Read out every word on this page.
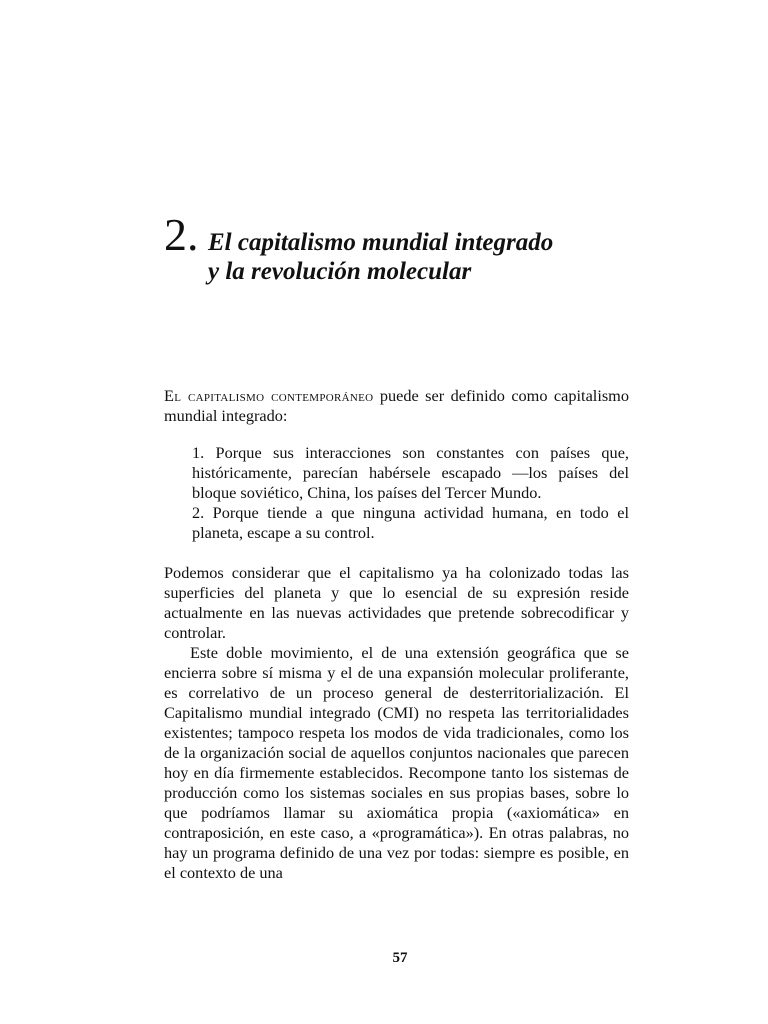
2. El capitalismo mundial integrado
y la revolución molecular

El capitalismo contemporáneo puede ser definido como capitalismo mundial integrado:

1. Porque sus interacciones son constantes con países que, históricamente, parecían habérsele escapado —los países del bloque soviético, China, los países del Tercer Mundo.

2. Porque tiende a que ninguna actividad humana, en todo el planeta, escape a su control.

Podemos considerar que el capitalismo ya ha colonizado todas las superficies del planeta y que lo esencial de su expresión reside actualmente en las nuevas actividades que pretende sobrecodificar y controlar.

Este doble movimiento, el de una extensión geográfica que se encierra sobre sí misma y el de una expansión molecular proliferante, es correlativo de un proceso general de desterritorialización. El Capitalismo mundial integrado (CMI) no respeta las territorialidades existentes; tampoco respeta los modos de vida tradicionales, como los de la organización social de aquellos conjuntos nacionales que parecen hoy en día firmemente establecidos. Recompone tanto los sistemas de producción como los sistemas sociales en sus propias bases, sobre lo que podríamos llamar su axiomática propia («axiomática» en contraposición, en este caso, a «programática»). En otras palabras, no hay un programa definido de una vez por todas: siempre es posible, en el contexto de una

57
